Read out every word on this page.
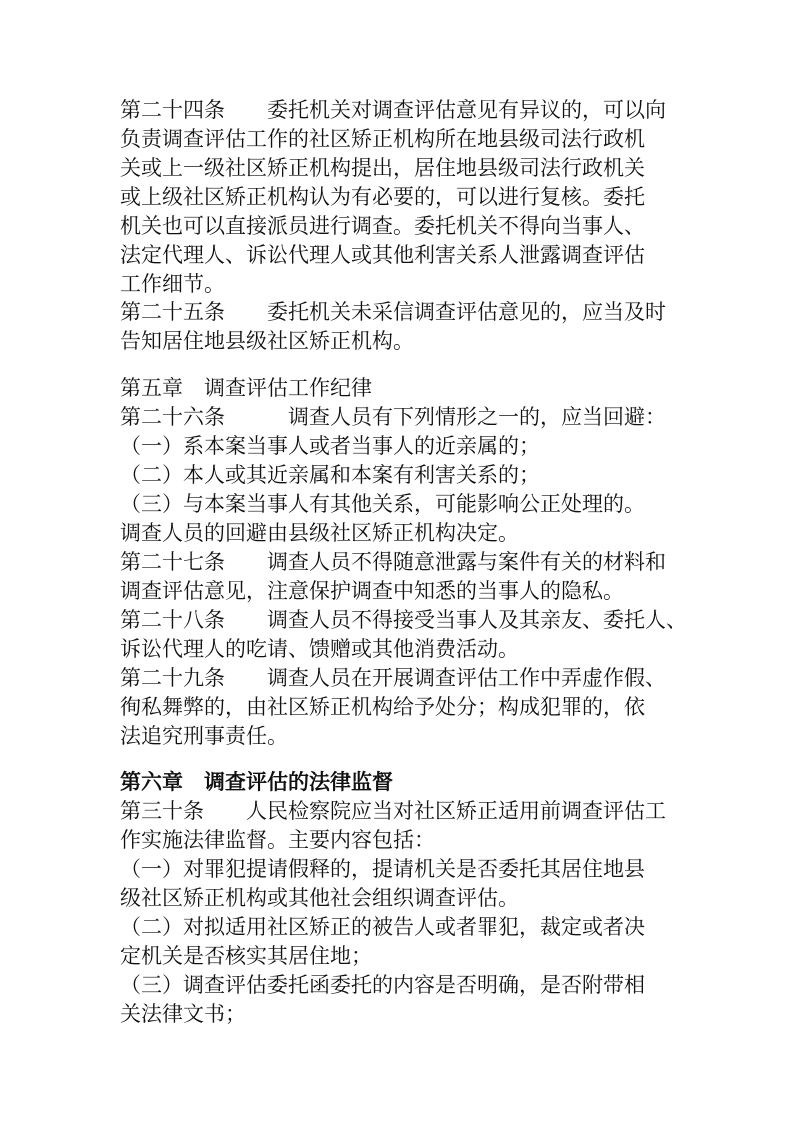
第二十四条　　委托机关对调查评估意见有异议的，可以向
负责调查评估工作的社区矫正机构所在地县级司法行政机
关或上一级社区矫正机构提出，居住地县级司法行政机关
或上级社区矫正机构认为有必要的，可以进行复核。委托
机关也可以直接派员进行调查。委托机关不得向当事人、
法定代理人、诉讼代理人或其他利害关系人泄露调查评估
工作细节。
第二十五条　　委托机关未采信调查评估意见的，应当及时
告知居住地县级社区矫正机构。
第五章　调查评估工作纪律
第二十六条　　　调查人员有下列情形之一的，应当回避：
（一）系本案当事人或者当事人的近亲属的；
（二）本人或其近亲属和本案有利害关系的；
（三）与本案当事人有其他关系，可能影响公正处理的。
调查人员的回避由县级社区矫正机构决定。
第二十七条　　调查人员不得随意泄露与案件有关的材料和
调查评估意见，注意保护调查中知悉的当事人的隐私。
第二十八条　　调查人员不得接受当事人及其亲友、委托人、
诉讼代理人的吃请、馈赠或其他消费活动。
第二十九条　　调查人员在开展调查评估工作中弄虚作假、
徇私舞弊的，由社区矫正机构给予处分；构成犯罪的，依
法追究刑事责任。
第六章　调查评估的法律监督
第三十条　　人民检察院应当对社区矫正适用前调查评估工
作实施法律监督。主要内容包括：
（一）对罪犯提请假释的，提请机关是否委托其居住地县
级社区矫正机构或其他社会组织调查评估。
（二）对拟适用社区矫正的被告人或者罪犯，裁定或者决
定机关是否核实其居住地；
（三）调查评估委托函委托的内容是否明确，是否附带相
关法律文书；
